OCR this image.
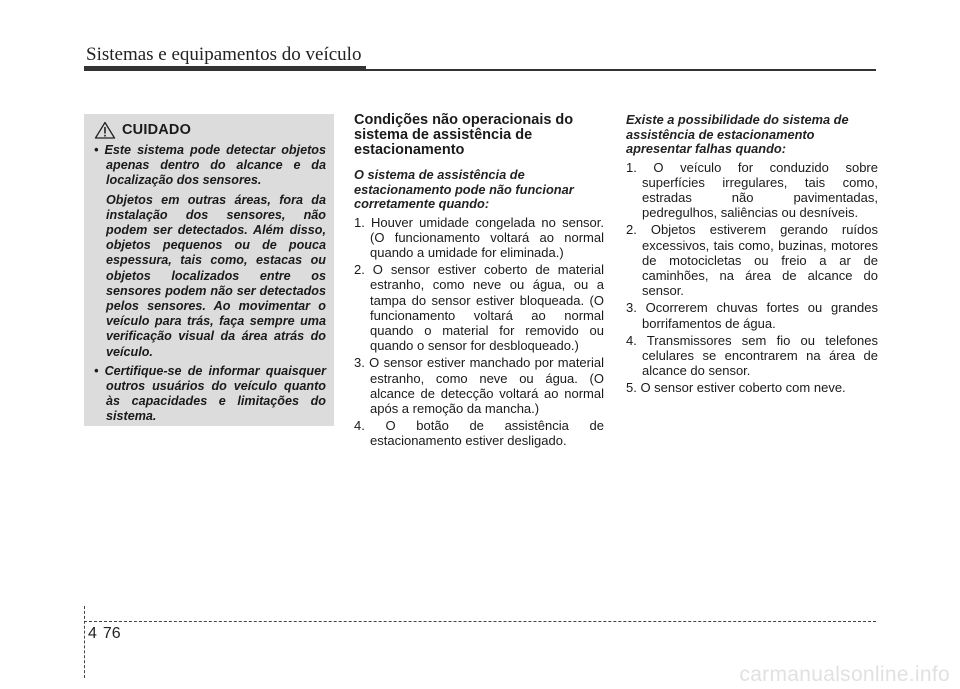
Sistemas e equipamentos do veículo
CUIDADO
• Este sistema pode detectar objetos apenas dentro do alcance e da localização dos sensores.

Objetos em outras áreas, fora da instalação dos sensores, não podem ser detectados. Além disso, objetos pequenos ou de pouca espessura, tais como, estacas ou objetos localizados entre os sensores podem não ser detectados pelos sensores. Ao movimentar o veículo para trás, faça sempre uma verificação visual da área atrás do veículo.

• Certifique-se de informar quaisquer outros usuários do veículo quanto às capacidades e limitações do sistema.
Condições não operacionais do sistema de assistência de estacionamento
O sistema de assistência de estacionamento pode não funcionar corretamente quando:
1. Houver umidade congelada no sensor. (O funcionamento voltará ao normal quando a umidade for eliminada.)
2. O sensor estiver coberto de material estranho, como neve ou água, ou a tampa do sensor estiver bloqueada. (O funcionamento voltará ao normal quando o material for removido ou quando o sensor for desbloqueado.)
3. O sensor estiver manchado por material estranho, como neve ou água. (O alcance de detecção voltará ao normal após a remoção da mancha.)
4. O botão de assistência de estacionamento estiver desligado.
Existe a possibilidade do sistema de assistência de estacionamento apresentar falhas quando:
1. O veículo for conduzido sobre superfícies irregulares, tais como, estradas não pavimentadas, pedregulhos, saliências ou desníveis.
2. Objetos estiverem gerando ruídos excessivos, tais como, buzinas, motores de motocicletas ou freio a ar de caminhões, na área de alcance do sensor.
3. Ocorrerem chuvas fortes ou grandes borrifamentos de água.
4. Transmissores sem fio ou telefones celulares se encontrarem na área de alcance do sensor.
5. O sensor estiver coberto com neve.
4 76
carmanualsonline.info
